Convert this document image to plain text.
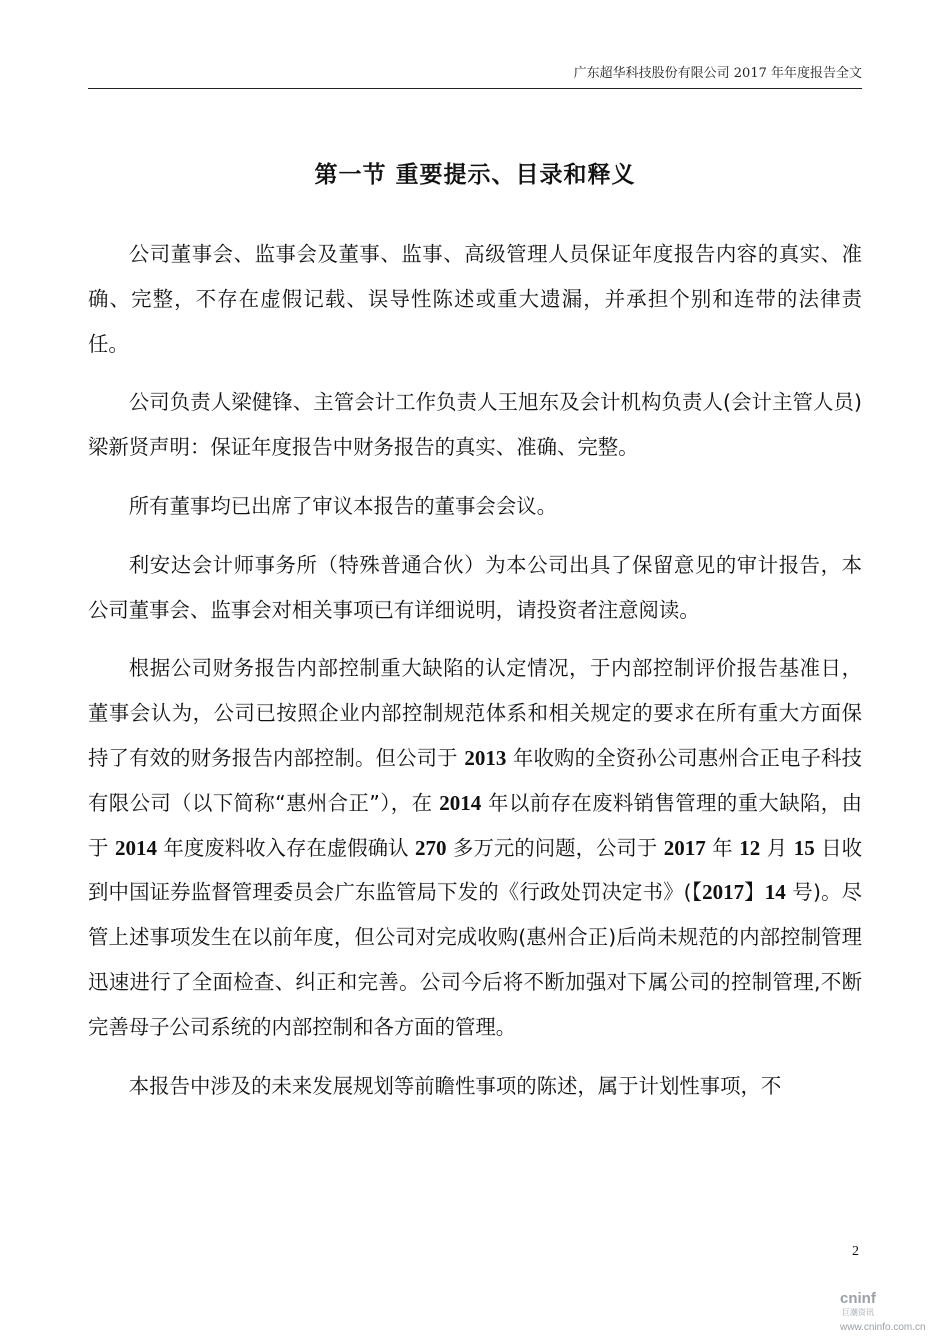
广东超华科技股份有限公司 2017 年年度报告全文
第一节 重要提示、目录和释义

公司董事会、监事会及董事、监事、高级管理人员保证年度报告内容的真实、准确、完整，不存在虚假记载、误导性陈述或重大遗漏，并承担个别和连带的法律责任。

公司负责人梁健锋、主管会计工作负责人王旭东及会计机构负责人(会计主管人员)梁新贤声明：保证年度报告中财务报告的真实、准确、完整。

所有董事均已出席了审议本报告的董事会会议。

利安达会计师事务所（特殊普通合伙）为本公司出具了保留意见的审计报告，本公司董事会、监事会对相关事项已有详细说明，请投资者注意阅读。

根据公司财务报告内部控制重大缺陷的认定情况，于内部控制评价报告基准日，董事会认为，公司已按照企业内部控制规范体系和相关规定的要求在所有重大方面保持了有效的财务报告内部控制。但公司于 2013 年收购的全资孙公司惠州合正电子科技有限公司（以下简称“惠州合正”），在 2014 年以前存在废料销售管理的重大缺陷，由于 2014 年度废料收入存在虚假确认 270 多万元的问题，公司于 2017 年 12 月 15 日收到中国证券监督管理委员会广东监管局下发的《行政处罚决定书》(【2017】14 号)。尽管上述事项发生在以前年度，但公司对完成收购(惠州合正)后尚未规范的内部控制管理迅速进行了全面检查、纠正和完善。公司今后将不断加强对下属公司的控制管理,不断完善母子公司系统的内部控制和各方面的管理。

本报告中涉及的未来发展规划等前瞻性事项的陈述，属于计划性事项，不

2
cninf
巨潮资讯
www.cninfo.com.cn
